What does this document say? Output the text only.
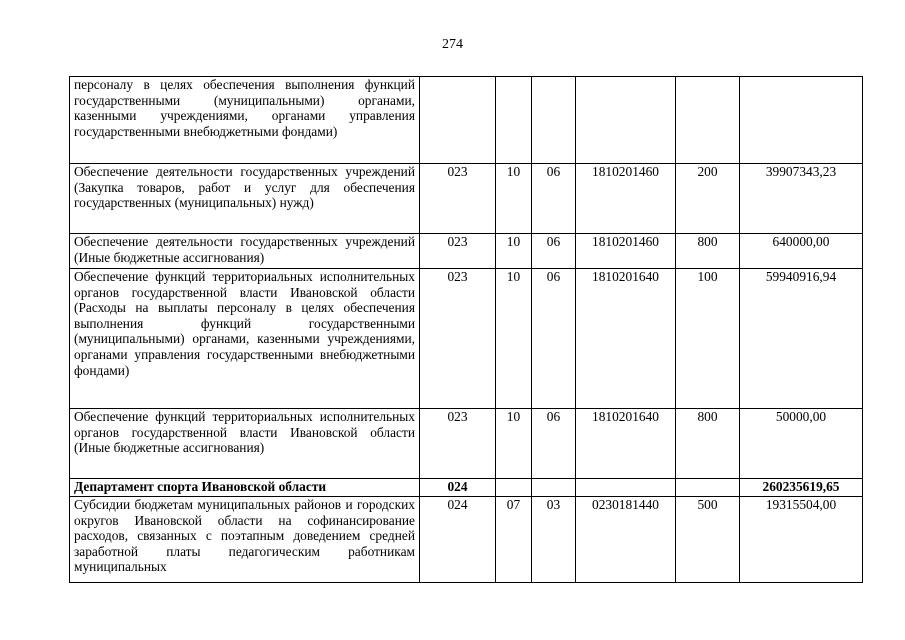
274
персоналу в целях обеспечения выполнения функций государственными (муниципальными) органами, казенными учреждениями, органами управления государственными внебюджетными фондами)						
Обеспечение деятельности государственных учреждений (Закупка товаров, работ и услуг для обеспечения государственных (муниципальных) нужд)	023	10	06	1810201460	200	39907343,23
Обеспечение деятельности государственных учреждений (Иные бюджетные ассигнования)	023	10	06	1810201460	800	640000,00
Обеспечение функций территориальных исполнительных органов государственной власти Ивановской области (Расходы на выплаты персоналу в целях обеспечения выполнения функций государственными (муниципальными) органами, казенными учреждениями, органами управления государственными внебюджетными фондами)	023	10	06	1810201640	100	59940916,94
Обеспечение функций территориальных исполнительных органов государственной власти Ивановской области (Иные бюджетные ассигнования)	023	10	06	1810201640	800	50000,00
Департамент спорта Ивановской области	024					260235619,65
Субсидии бюджетам муниципальных районов и городских округов Ивановской области на софинансирование расходов, связанных с поэтапным доведением средней заработной платы педагогическим работникам муниципальных	024	07	03	0230181440	500	19315504,00
